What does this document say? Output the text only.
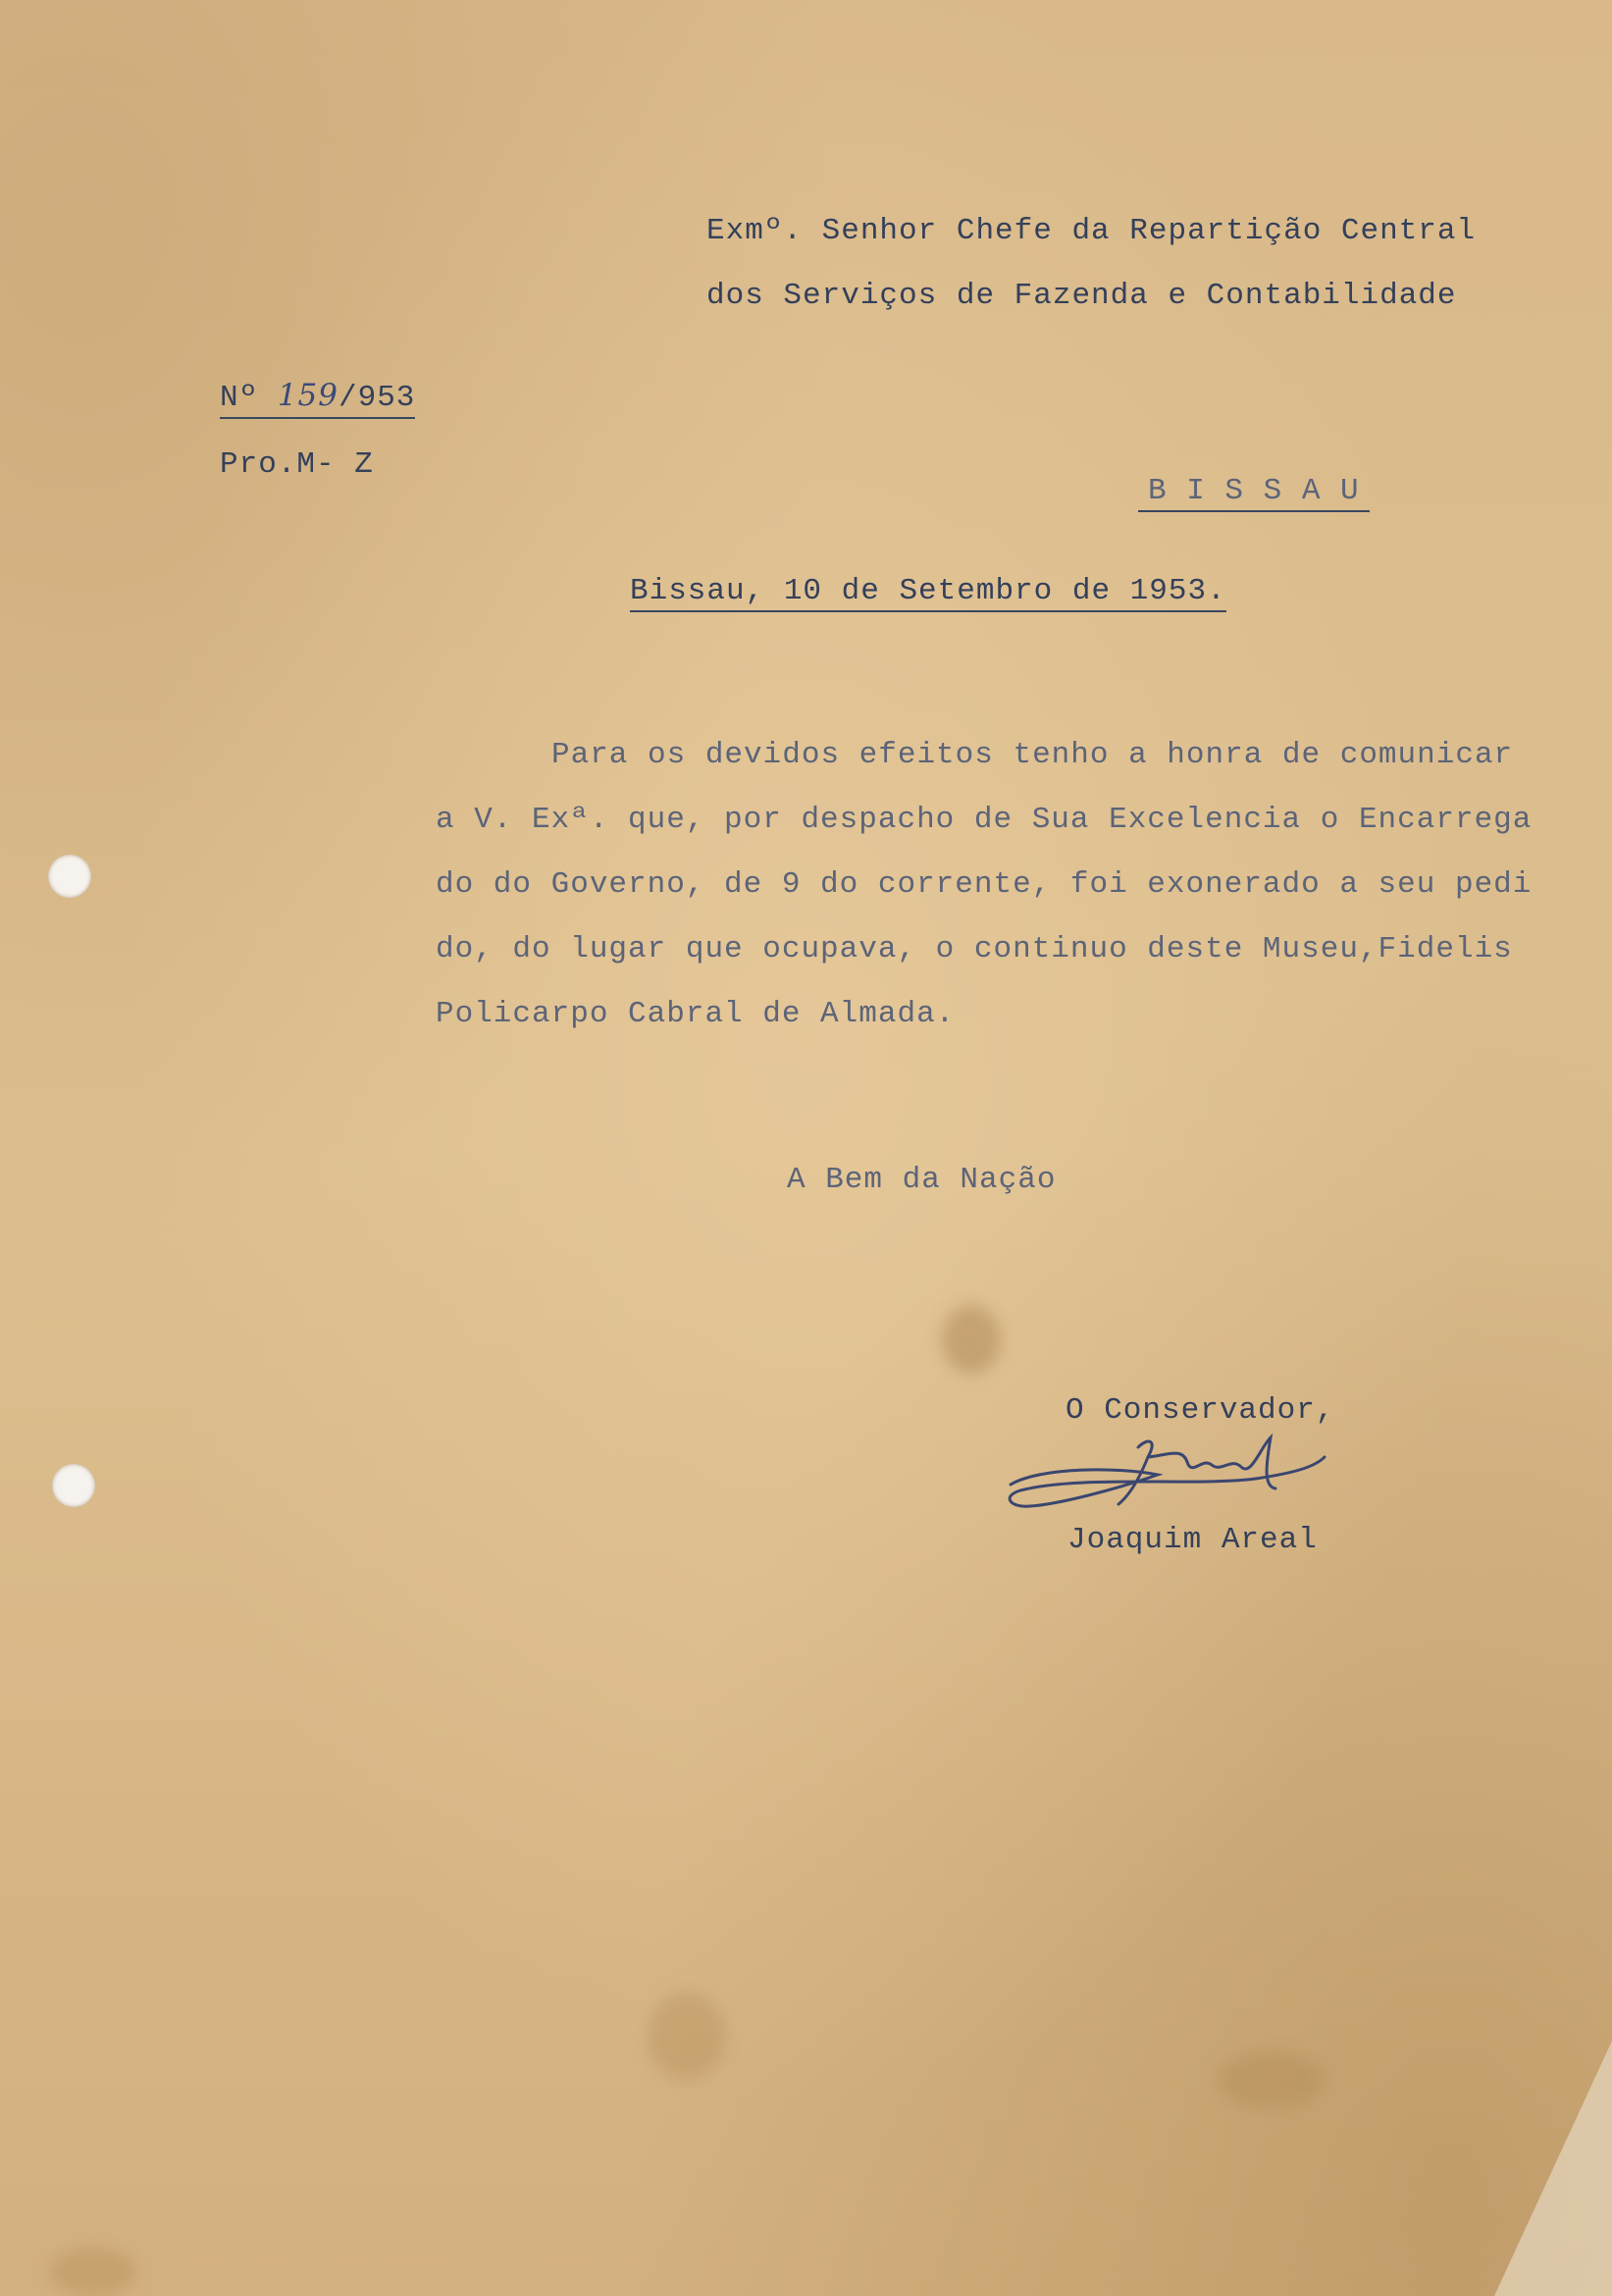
Exmº. Senhor Chefe da Repartição Central
dos Serviços de Fazenda e Contabilidade
Nº 159/953
Pro.M- Z
B I S S A U
Bissau, 10 de Setembro de 1953.
Para os devidos efeitos tenho a honra de comunicar
a V. Exª. que, por despacho de Sua Excelencia o Encarrega
do do Governo, de 9 do corrente, foi exonerado a seu pedi
do, do lugar que ocupava, o continuo deste Museu,Fidelis
Policarpo Cabral de Almada.
A Bem da Nação
O Conservador,
Joaquim Areal
